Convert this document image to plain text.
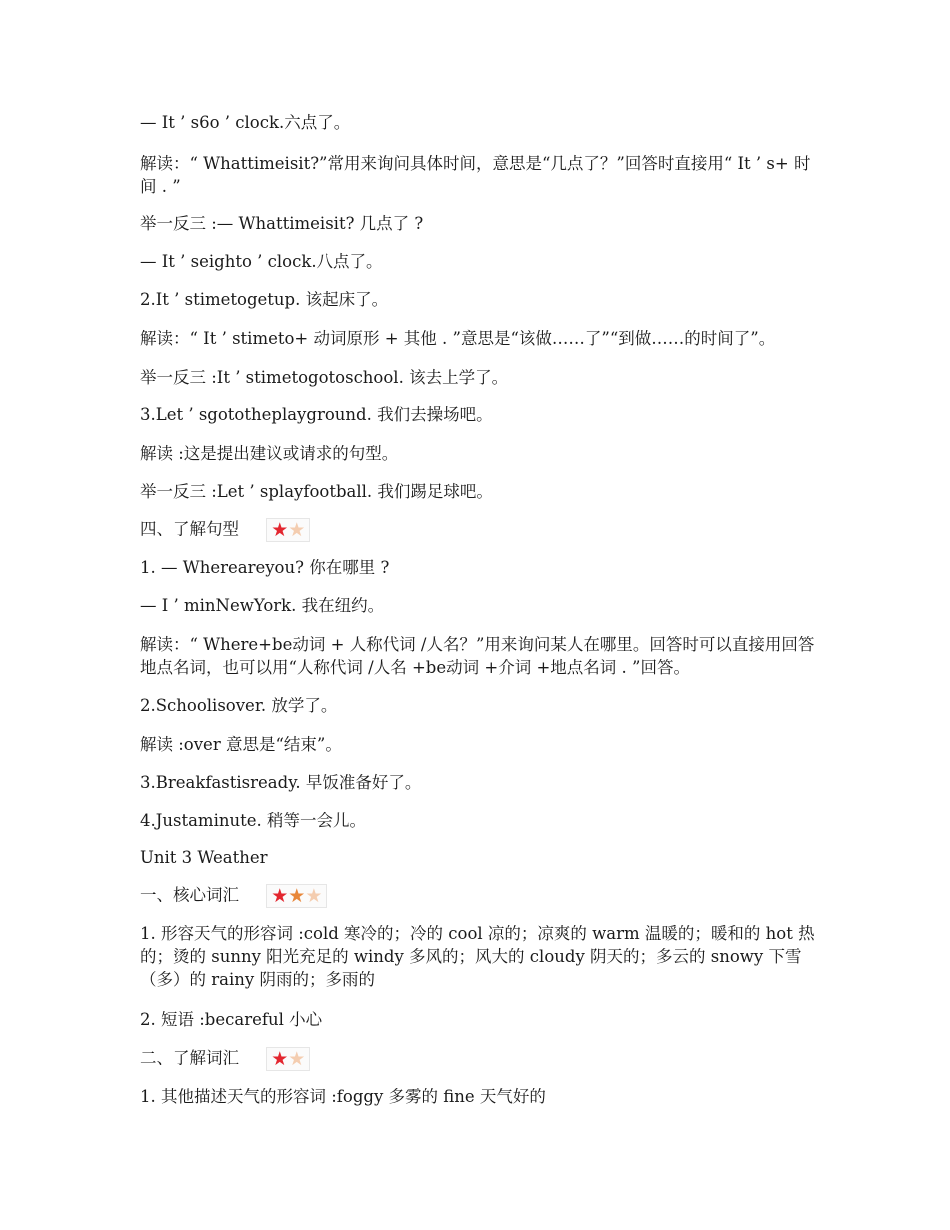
— It ’ s6o ’ clock.六点了。
解读：“ Whattimeisit?”常用来询问具体时间，意思是“几点了？”回答时直接用“ It ’ s+ 时间 . ”
举一反三 :— Whattimeisit? 几点了 ?
— It ’ seighto ’ clock.八点了。
2.It ’ stimetogetup. 该起床了。
解读：“ It ’ stimeto+ 动词原形 + 其他 . ”意思是“该做……了”“到做……的时间了”。
举一反三 :It ’ stimetogotoschool. 该去上学了。
3.Let ’ sgototheplayground. 我们去操场吧。
解读 :这是提出建议或请求的句型。
举一反三 :Let ’ splayfootball. 我们踢足球吧。
四、了解句型 ★★
1. — Whereareyou? 你在哪里 ?
— I ’ minNewYork. 我在纽约。
解读：“ Where+be动词 + 人称代词 /人名？”用来询问某人在哪里。回答时可以直接用回答地点名词，也可以用“人称代词 /人名 +be动词 +介词 +地点名词 . ”回答。
2.Schoolisover. 放学了。
解读 :over 意思是“结束”。
3.Breakfastisready. 早饭准备好了。
4.Justaminute. 稍等一会儿。
Unit 3 Weather
一、核心词汇 ★★★
1. 形容天气的形容词 :cold 寒冷的；冷的 cool 凉的；凉爽的 warm 温暖的；暖和的 hot 热的；烫的 sunny 阳光充足的 windy 多风的；风大的 cloudy 阴天的；多云的 snowy 下雪（多）的 rainy 阴雨的；多雨的
2. 短语 :becareful 小心
二、了解词汇 ★★
1. 其他描述天气的形容词 :foggy 多雾的 fine 天气好的
